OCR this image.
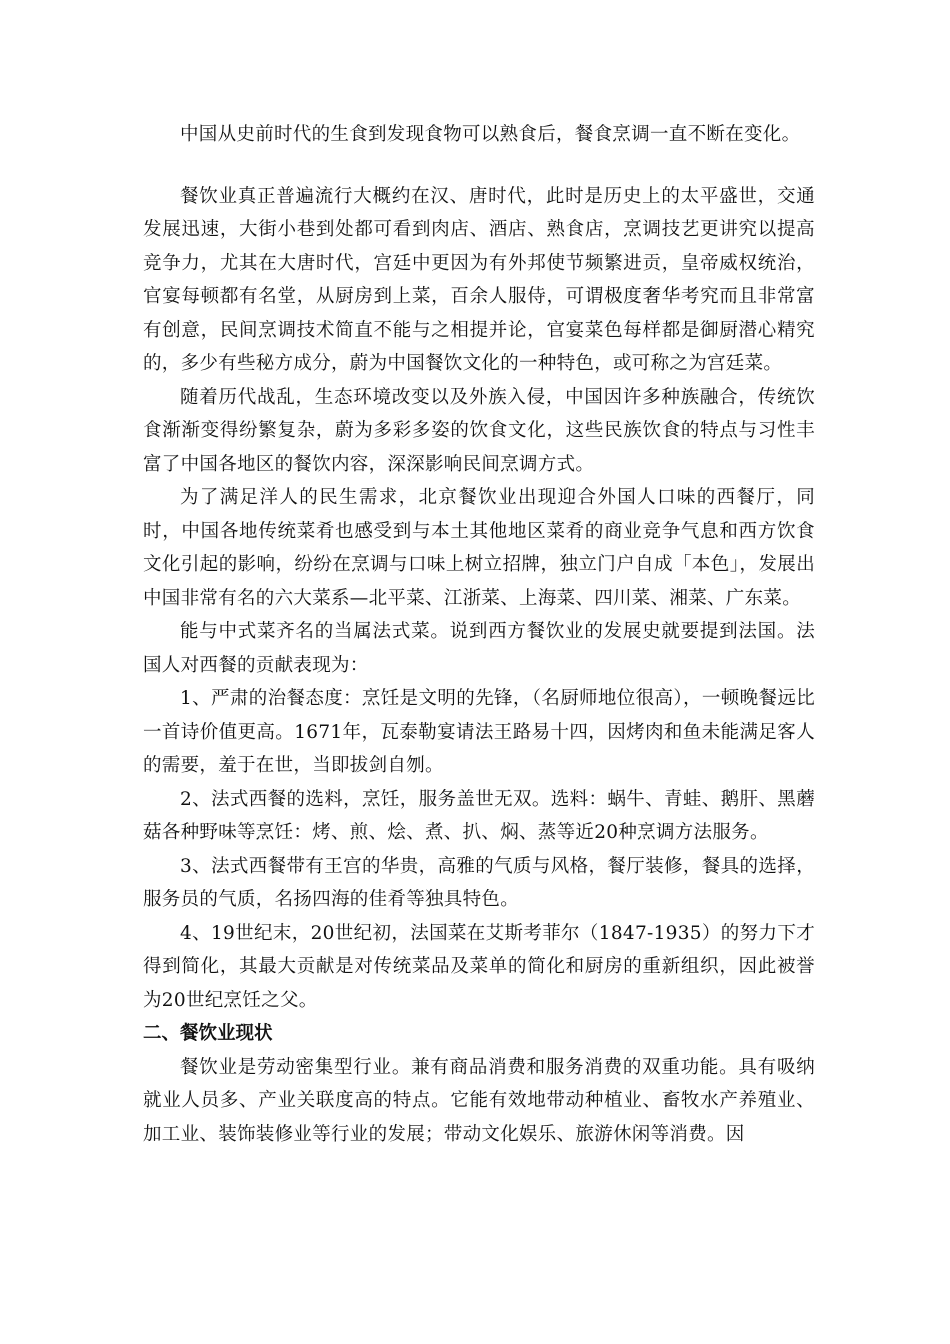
中国从史前时代的生食到发现食物可以熟食后，餐食烹调一直不断在变化。

餐饮业真正普遍流行大概约在汉、唐时代，此时是历史上的太平盛世，交通发展迅速，大街小巷到处都可看到肉店、酒店、熟食店，烹调技艺更讲究以提高竞争力，尤其在大唐时代，宫廷中更因为有外邦使节频繁进贡，皇帝威权统治，官宴每顿都有名堂，从厨房到上菜，百余人服侍，可谓极度奢华考究而且非常富有创意，民间烹调技术简直不能与之相提并论，官宴菜色每样都是御厨潜心精究的，多少有些秘方成分，蔚为中国餐饮文化的一种特色，或可称之为宫廷菜。

随着历代战乱，生态环境改变以及外族入侵，中国因许多种族融合，传统饮食渐渐变得纷繁复杂，蔚为多彩多姿的饮食文化，这些民族饮食的特点与习性丰富了中国各地区的餐饮内容，深深影响民间烹调方式。

为了满足洋人的民生需求，北京餐饮业出现迎合外国人口味的西餐厅，同时，中国各地传统菜肴也感受到与本土其他地区菜肴的商业竞争气息和西方饮食文化引起的影响，纷纷在烹调与口味上树立招牌，独立门户自成「本色」，发展出中国非常有名的六大菜系—北平菜、江浙菜、上海菜、四川菜、湘菜、广东菜。

能与中式菜齐名的当属法式菜。说到西方餐饮业的发展史就要提到法国。法国人对西餐的贡献表现为：

1、严肃的治餐态度：烹饪是文明的先锋，（名厨师地位很高），一顿晚餐远比一首诗价值更高。1671年，瓦泰勒宴请法王路易十四，因烤肉和鱼未能满足客人的需要，羞于在世，当即拔剑自刎。

2、法式西餐的选料，烹饪，服务盖世无双。选料：蜗牛、青蛙、鹅肝、黑蘑菇各种野味等烹饪：烤、煎、烩、煮、扒、焖、蒸等近20种烹调方法服务。

3、法式西餐带有王宫的华贵，高雅的气质与风格，餐厅装修，餐具的选择，服务员的气质，名扬四海的佳肴等独具特色。

4、19世纪末，20世纪初，法国菜在艾斯考菲尔（1847-1935）的努力下才得到简化，其最大贡献是对传统菜品及菜单的简化和厨房的重新组织，因此被誉为20世纪烹饪之父。

二、餐饮业现状

餐饮业是劳动密集型行业。兼有商品消费和服务消费的双重功能。具有吸纳就业人员多、产业关联度高的特点。它能有效地带动种植业、畜牧水产养殖业、加工业、装饰装修业等行业的发展；带动文化娱乐、旅游休闲等消费。因
